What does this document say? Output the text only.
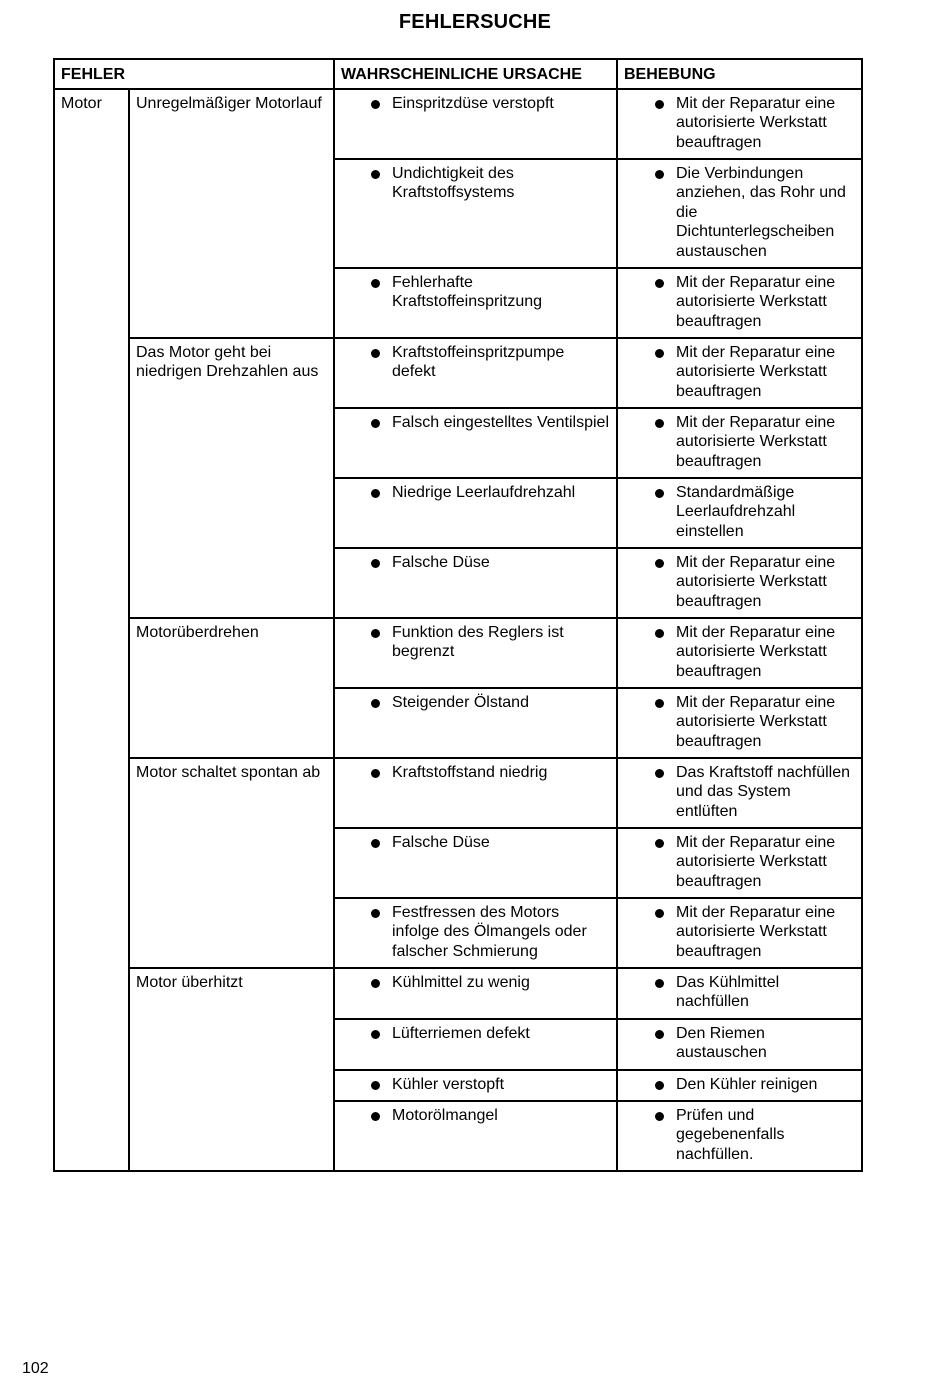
FEHLERSUCHE
FEHLER		WAHRSCHEINLICHE URSACHE	BEHEBUNG
Motor	Unregelmäßiger Motorlauf	Einspritzdüse verstopft	Mit der Reparatur eine autorisierte Werkstatt beauftragen

		Undichtigkeit des Kraftstoffsystems	Die Verbindungen anziehen, das Rohr und die Dichtunterlegscheiben austauschen

		Fehlerhafte Kraftstoffeinspritzung	Mit der Reparatur eine autorisierte Werkstatt beauftragen

	Das Motor geht bei niedrigen Drehzahlen aus	Kraftstoffeinspritzpumpe defekt	Mit der Reparatur eine autorisierte Werkstatt beauftragen

		Falsch eingestelltes Ventilspiel	Mit der Reparatur eine autorisierte Werkstatt beauftragen

		Niedrige Leerlaufdrehzahl	Standardmäßige Leerlaufdrehzahl einstellen

		Falsche Düse	Mit der Reparatur eine autorisierte Werkstatt beauftragen

	Motorüberdrehen	Funktion des Reglers ist begrenzt	Mit der Reparatur eine autorisierte Werkstatt beauftragen

		Steigender Ölstand	Mit der Reparatur eine autorisierte Werkstatt beauftragen

	Motor schaltet spontan ab	Kraftstoffstand niedrig	Das Kraftstoff nachfüllen und das System entlüften

		Falsche Düse	Mit der Reparatur eine autorisierte Werkstatt beauftragen

		Festfressen des Motors infolge des Ölmangels oder falscher Schmierung	Mit der Reparatur eine autorisierte Werkstatt beauftragen

	Motor überhitzt	Kühlmittel zu wenig	Das Kühlmittel nachfüllen

		Lüfterriemen defekt	Den Riemen austauschen

		Kühler verstopft	Den Kühler reinigen

		Motorölmangel	Prüfen und gegebenenfalls nachfüllen.
102
